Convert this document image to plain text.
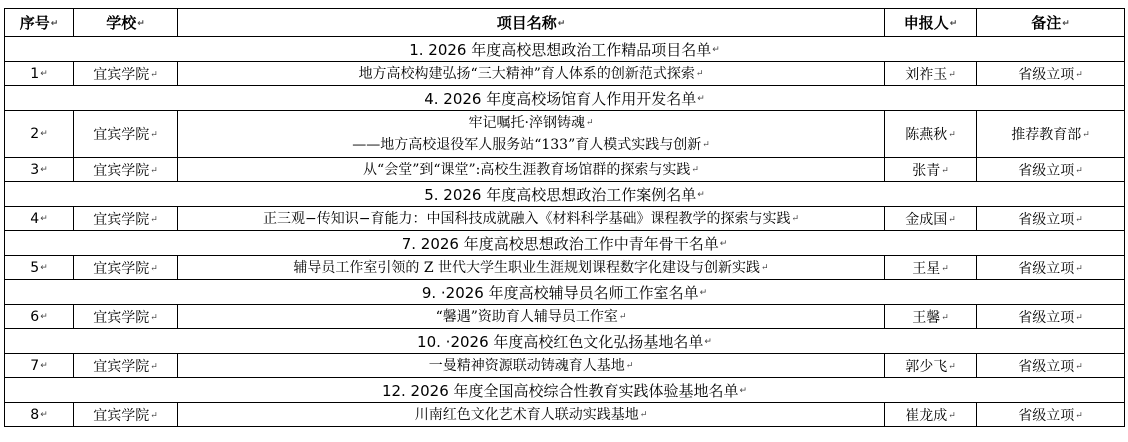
序号↵	学校↵	项目名称↵	申报人↵	备注↵
1. 2026 年度高校思想政治工作精品项目名单↵				
1↵	宜宾学院↵	地方高校构建弘扬“三大精神”育人体系的创新范式探索↵	刘祚玉↵	省级立项↵
4. 2026 年度高校场馆育人作用开发名单↵				
2↵	宜宾学院↵	牢记嘱托·淬钢铸魂↵
——地方高校退役军人服务站“133”育人模式实践与创新↵	陈燕秋↵	推荐教育部↵
3↵	宜宾学院↵	从“会堂”到“课堂”:高校生涯教育场馆群的探索与实践↵	张青↵	省级立项↵
5. 2026 年度高校思想政治工作案例名单↵				
4↵	宜宾学院↵	正三观−传知识−育能力：中国科技成就融入《材料科学基础》课程教学的探索与实践↵	金成国↵	省级立项↵
7. 2026 年度高校思想政治工作中青年骨干名单↵				
5↵	宜宾学院↵	辅导员工作室引领的 Z 世代大学生职业生涯规划课程数字化建设与创新实践↵	王星↵	省级立项↵
9. ·2026 年度高校辅导员名师工作室名单↵				
6↵	宜宾学院↵	“馨遇”资助育人辅导员工作室↵	王馨↵	省级立项↵
10. ·2026 年度高校红色文化弘扬基地名单↵				
7↵	宜宾学院↵	一曼精神资源联动铸魂育人基地↵	郭少飞↵	省级立项↵
12. 2026 年度全国高校综合性教育实践体验基地名单↵				
8↵	宜宾学院↵	川南红色文化艺术育人联动实践基地↵	崔龙成↵	省级立项↵
